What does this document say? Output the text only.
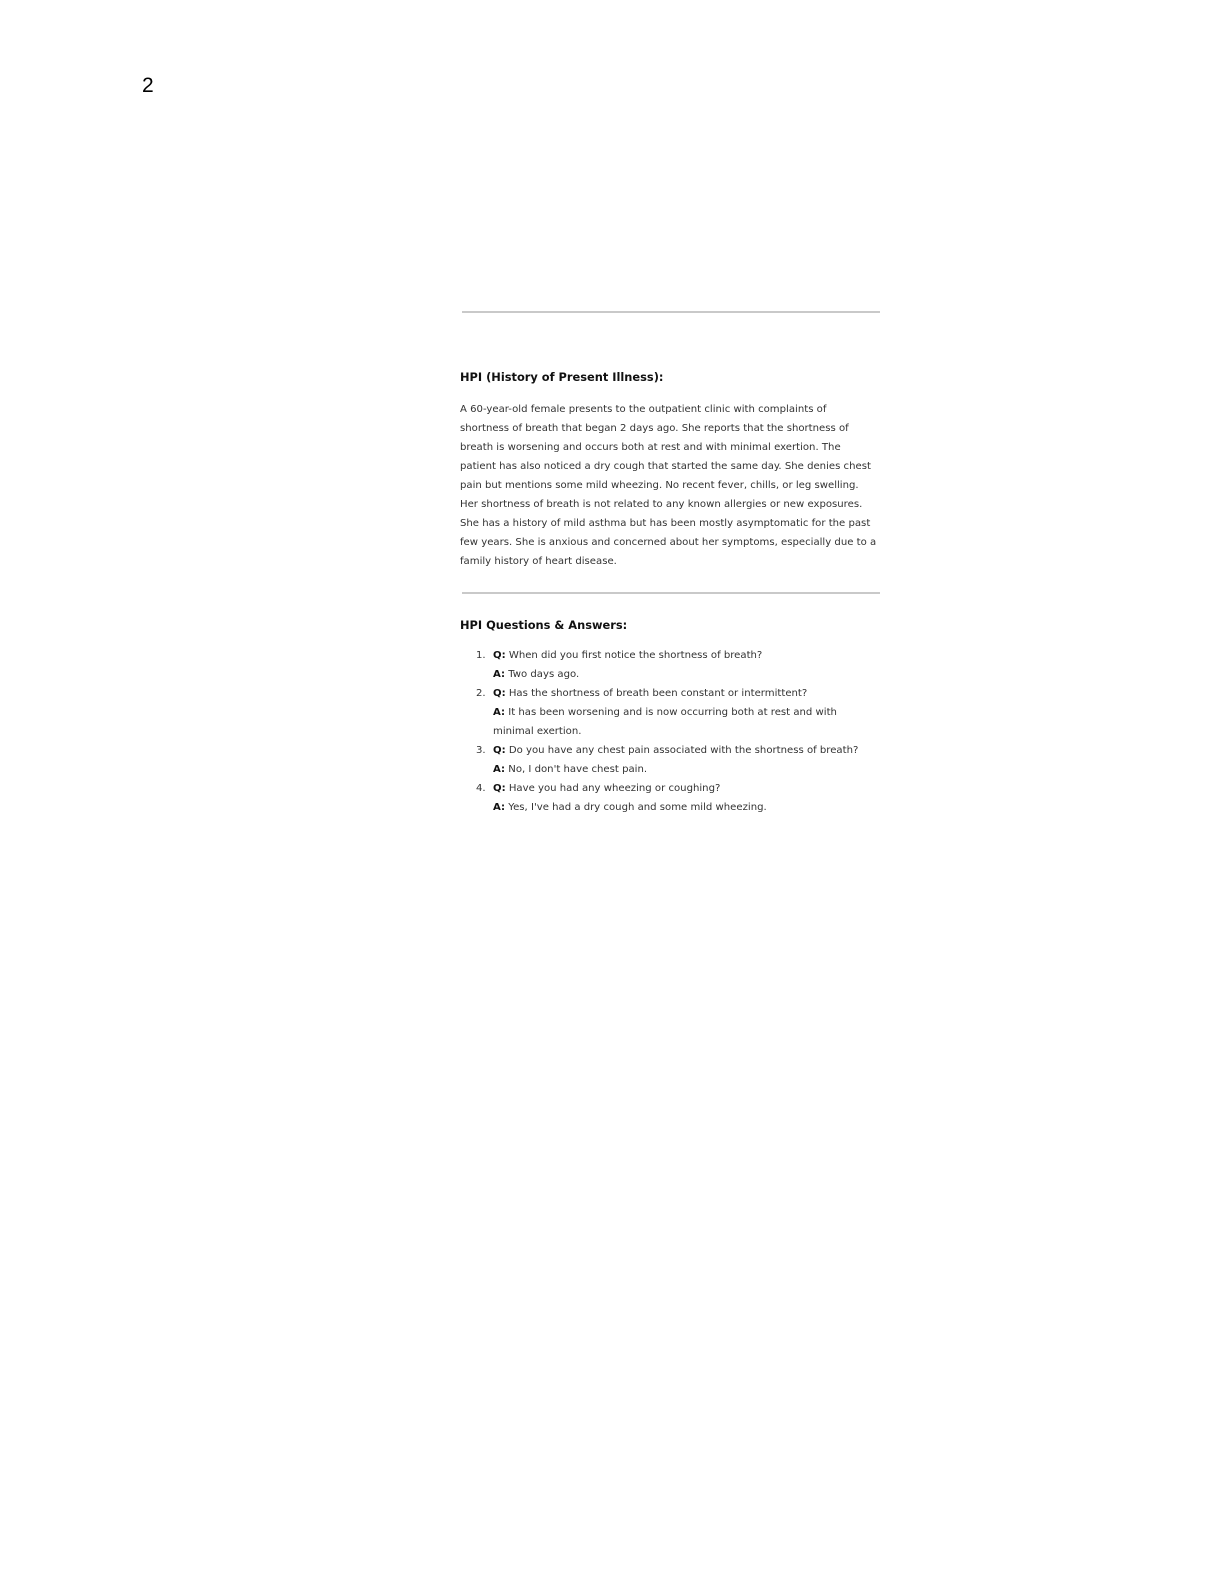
2
HPI (History of Present Illness):
A 60-year-old female presents to the outpatient clinic with complaints of shortness of breath that began 2 days ago. She reports that the shortness of breath is worsening and occurs both at rest and with minimal exertion. The patient has also noticed a dry cough that started the same day. She denies chest pain but mentions some mild wheezing. No recent fever, chills, or leg swelling. Her shortness of breath is not related to any known allergies or new exposures. She has a history of mild asthma but has been mostly asymptomatic for the past few years. She is anxious and concerned about her symptoms, especially due to a family history of heart disease.
HPI Questions & Answers:
1. Q: When did you first notice the shortness of breath?
A: Two days ago.
2. Q: Has the shortness of breath been constant or intermittent?
A: It has been worsening and is now occurring both at rest and with minimal exertion.
3. Q: Do you have any chest pain associated with the shortness of breath?
A: No, I don't have chest pain.
4. Q: Have you had any wheezing or coughing?
A: Yes, I've had a dry cough and some mild wheezing.
